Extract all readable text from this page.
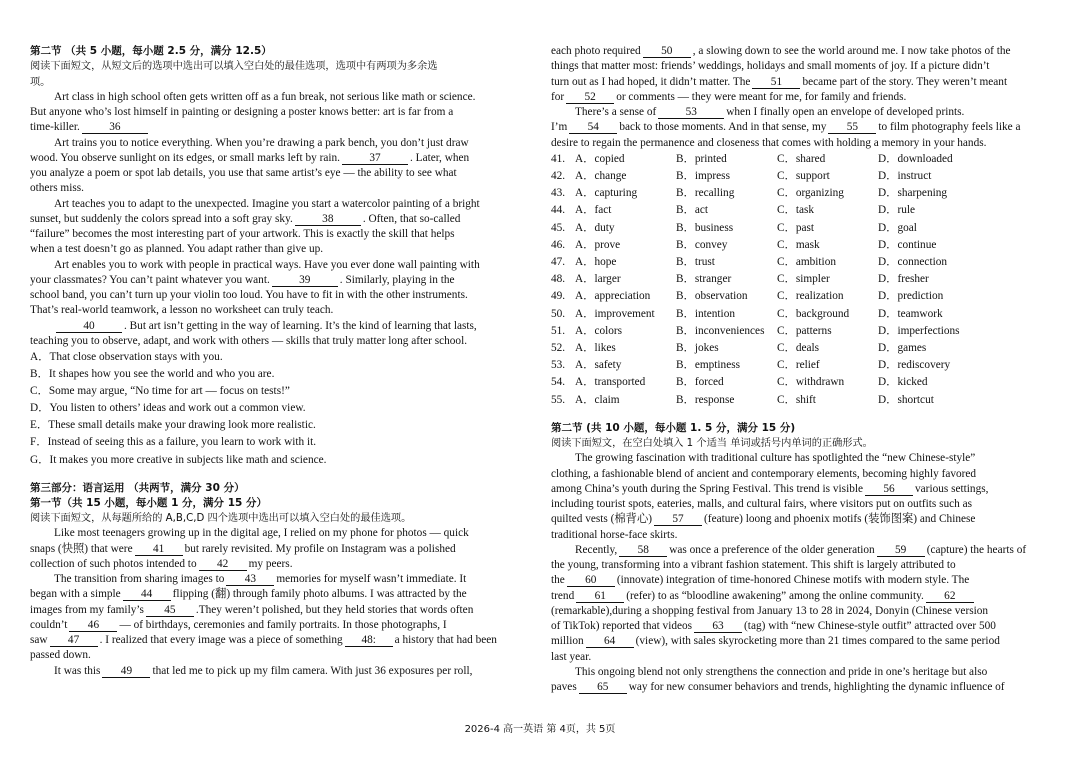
第二节 （共 5 小题，每小题 2.5 分，满分 12.5）
阅读下面短文，从短文后的选项中选出可以填入空白处的最佳选项，选项中有两项为多余选
项。
Art class in high school often gets written off as a fun break, not serious like math or science.
But anyone who’s lost himself in painting or designing a poster knows better: art is far from a
time-killer.	36
Art trains you to notice everything. When you’re drawing a park bench, you don’t just draw
wood. You observe sunlight on its edges, or small marks left by rain.	37	. Later, when
you analyze a poem or spot lab details, you use that same artist’s eye — the ability to see what
others miss.
Art teaches you to adapt to the unexpected. Imagine you start a watercolor painting of a bright
sunset, but suddenly the colors spread into a soft gray sky.	38	. Often, that so-called
“failure” becomes the most interesting part of your artwork. This is exactly the skill that helps
when a test doesn’t go as planned. You adapt rather than give up.
Art enables you to work with people in practical ways. Have you ever done wall painting with
your classmates? You can’t paint whatever you want.	39	. Similarly, playing in the
school band, you can’t turn up your violin too loud. You have to fit in with the other instruments.
That’s real-world teamwork, a lesson no worksheet can truly teach.
40	. But art isn’t getting in the way of learning. It’s the kind of learning that lasts,
teaching you to observe, adapt, and work with others — skills that truly matter long after school.
A．That close observation stays with you.
B．It shapes how you see the world and who you are.
C．Some may argue, “No time for art — focus on tests!”
D．You listen to others’ ideas and work out a common view.
E．These small details make your drawing look more realistic.
F．Instead of seeing this as a failure, you learn to work with it.
G．It makes you more creative in subjects like math and science.
第三部分：语言运用 （共两节，满分 30 分）
第一节（共 15 小题，每小题 1 分，满分 15 分）
阅读下面短文，从每题所给的 A,B,C,D 四个选项中选出可以填入空白处的最佳选项。
Like most teenagers growing up in the digital age, I relied on my phone for photos — quick
snaps (快照) that were 41 but rarely revisited. My profile on Instagram was a polished
collection of such photos intended to 42 my peers.
The transition from sharing images to 43 memories for myself wasn’t immediate. It
began with a simple 44 flipping (翻) through family photo albums. I was attracted by the
images from my family’s 45 .They weren’t polished, but they held stories that words often
couldn’t 46 — of birthdays, ceremonies and family portraits. In those photographs, I
saw 47 . I realized that every image was a piece of something 48: a history that had been
passed down.
It was this 49 that led me to pick up my film camera. With just 36 exposures per roll,
each photo required 50 , a slowing down to see the world around me. I now take photos of the
things that matter most: friends’ weddings, holidays and small moments of joy. If a picture didn’t
turn out as I had hoped, it didn’t matter. The 51 became part of the story. They weren’t meant
for 52 or comments — they were meant for me, for family and friends.
There’s a sense of	53	when I finally open an envelope of developed prints.
I’m 54 back to those moments. And in that sense, my 55 to film photography feels like a
desire to regain the permanence and closeness that comes with holding a memory in your hands.
41. A．copied	B．printed	C．shared	D．downloaded
42. A．change	B．impress	C．support	D．instruct
43. A．capturing	B．recalling	C．organizing	D．sharpening
44. A．fact	B．act	C．task	D．rule
45. A．duty	B．business	C．past	D．goal
46. A．prove	B．convey	C．mask	D．continue
47. A．hope	B．trust	C．ambition	D．connection
48. A．larger	B．stranger	C．simpler	D．fresher
49. A．appreciation	B．observation	C．realization	D．prediction
50. A．improvement	B．intention	C．background	D．teamwork
51. A．colors	B．inconveniences	C．patterns	D．imperfections
52. A．likes	B．jokes	C．deals	D．games
53. A．safety	B．emptiness	C．relief	D．rediscovery
54. A．transported	B．forced	C．withdrawn	D．kicked
55. A．claim	B．response	C．shift	D．shortcut
第二节 (共 10 小题，每小题 1. 5 分，满分 15 分)
阅读下面短文，在空白处填入 1 个适当 单词或括号内单词的正确形式。
The growing fascination with traditional culture has spotlighted the “new Chinese-style”
clothing, a fashionable blend of ancient and contemporary elements, becoming highly favored
among China’s youth during the Spring Festival. This trend is visible 56 various settings,
including tourist spots, eateries, malls, and cultural fairs, where visitors put on outfits such as
quilted vests (棉背心) 57 (feature) loong and phoenix motifs (装饰图案) and Chinese
traditional horse-face skirts.
Recently, 58 was once a preference of the older generation 59 (capture) the hearts of
the young, transforming into a vibrant fashion statement. This shift is largely attributed to
the 60 (innovate) integration of time-honored Chinese motifs with modern style. The
trend 61 (refer) to as “bloodline awakening” among the online community. 62
(remarkable),during a shopping festival from January 13 to 28 in 2024, Donyin (Chinese version
of TikTok) reported that videos 63 (tag) with “new Chinese-style outfit” attracted over 500
million 64 (view), with sales skyrocketing more than 21 times compared to the same period
last year.
This ongoing blend not only strengthens the connection and pride in one’s heritage but also
paves 65 way for new consumer behaviors and trends, highlighting the dynamic influence of
2026-4 高一英语 第 4页，共 5页
